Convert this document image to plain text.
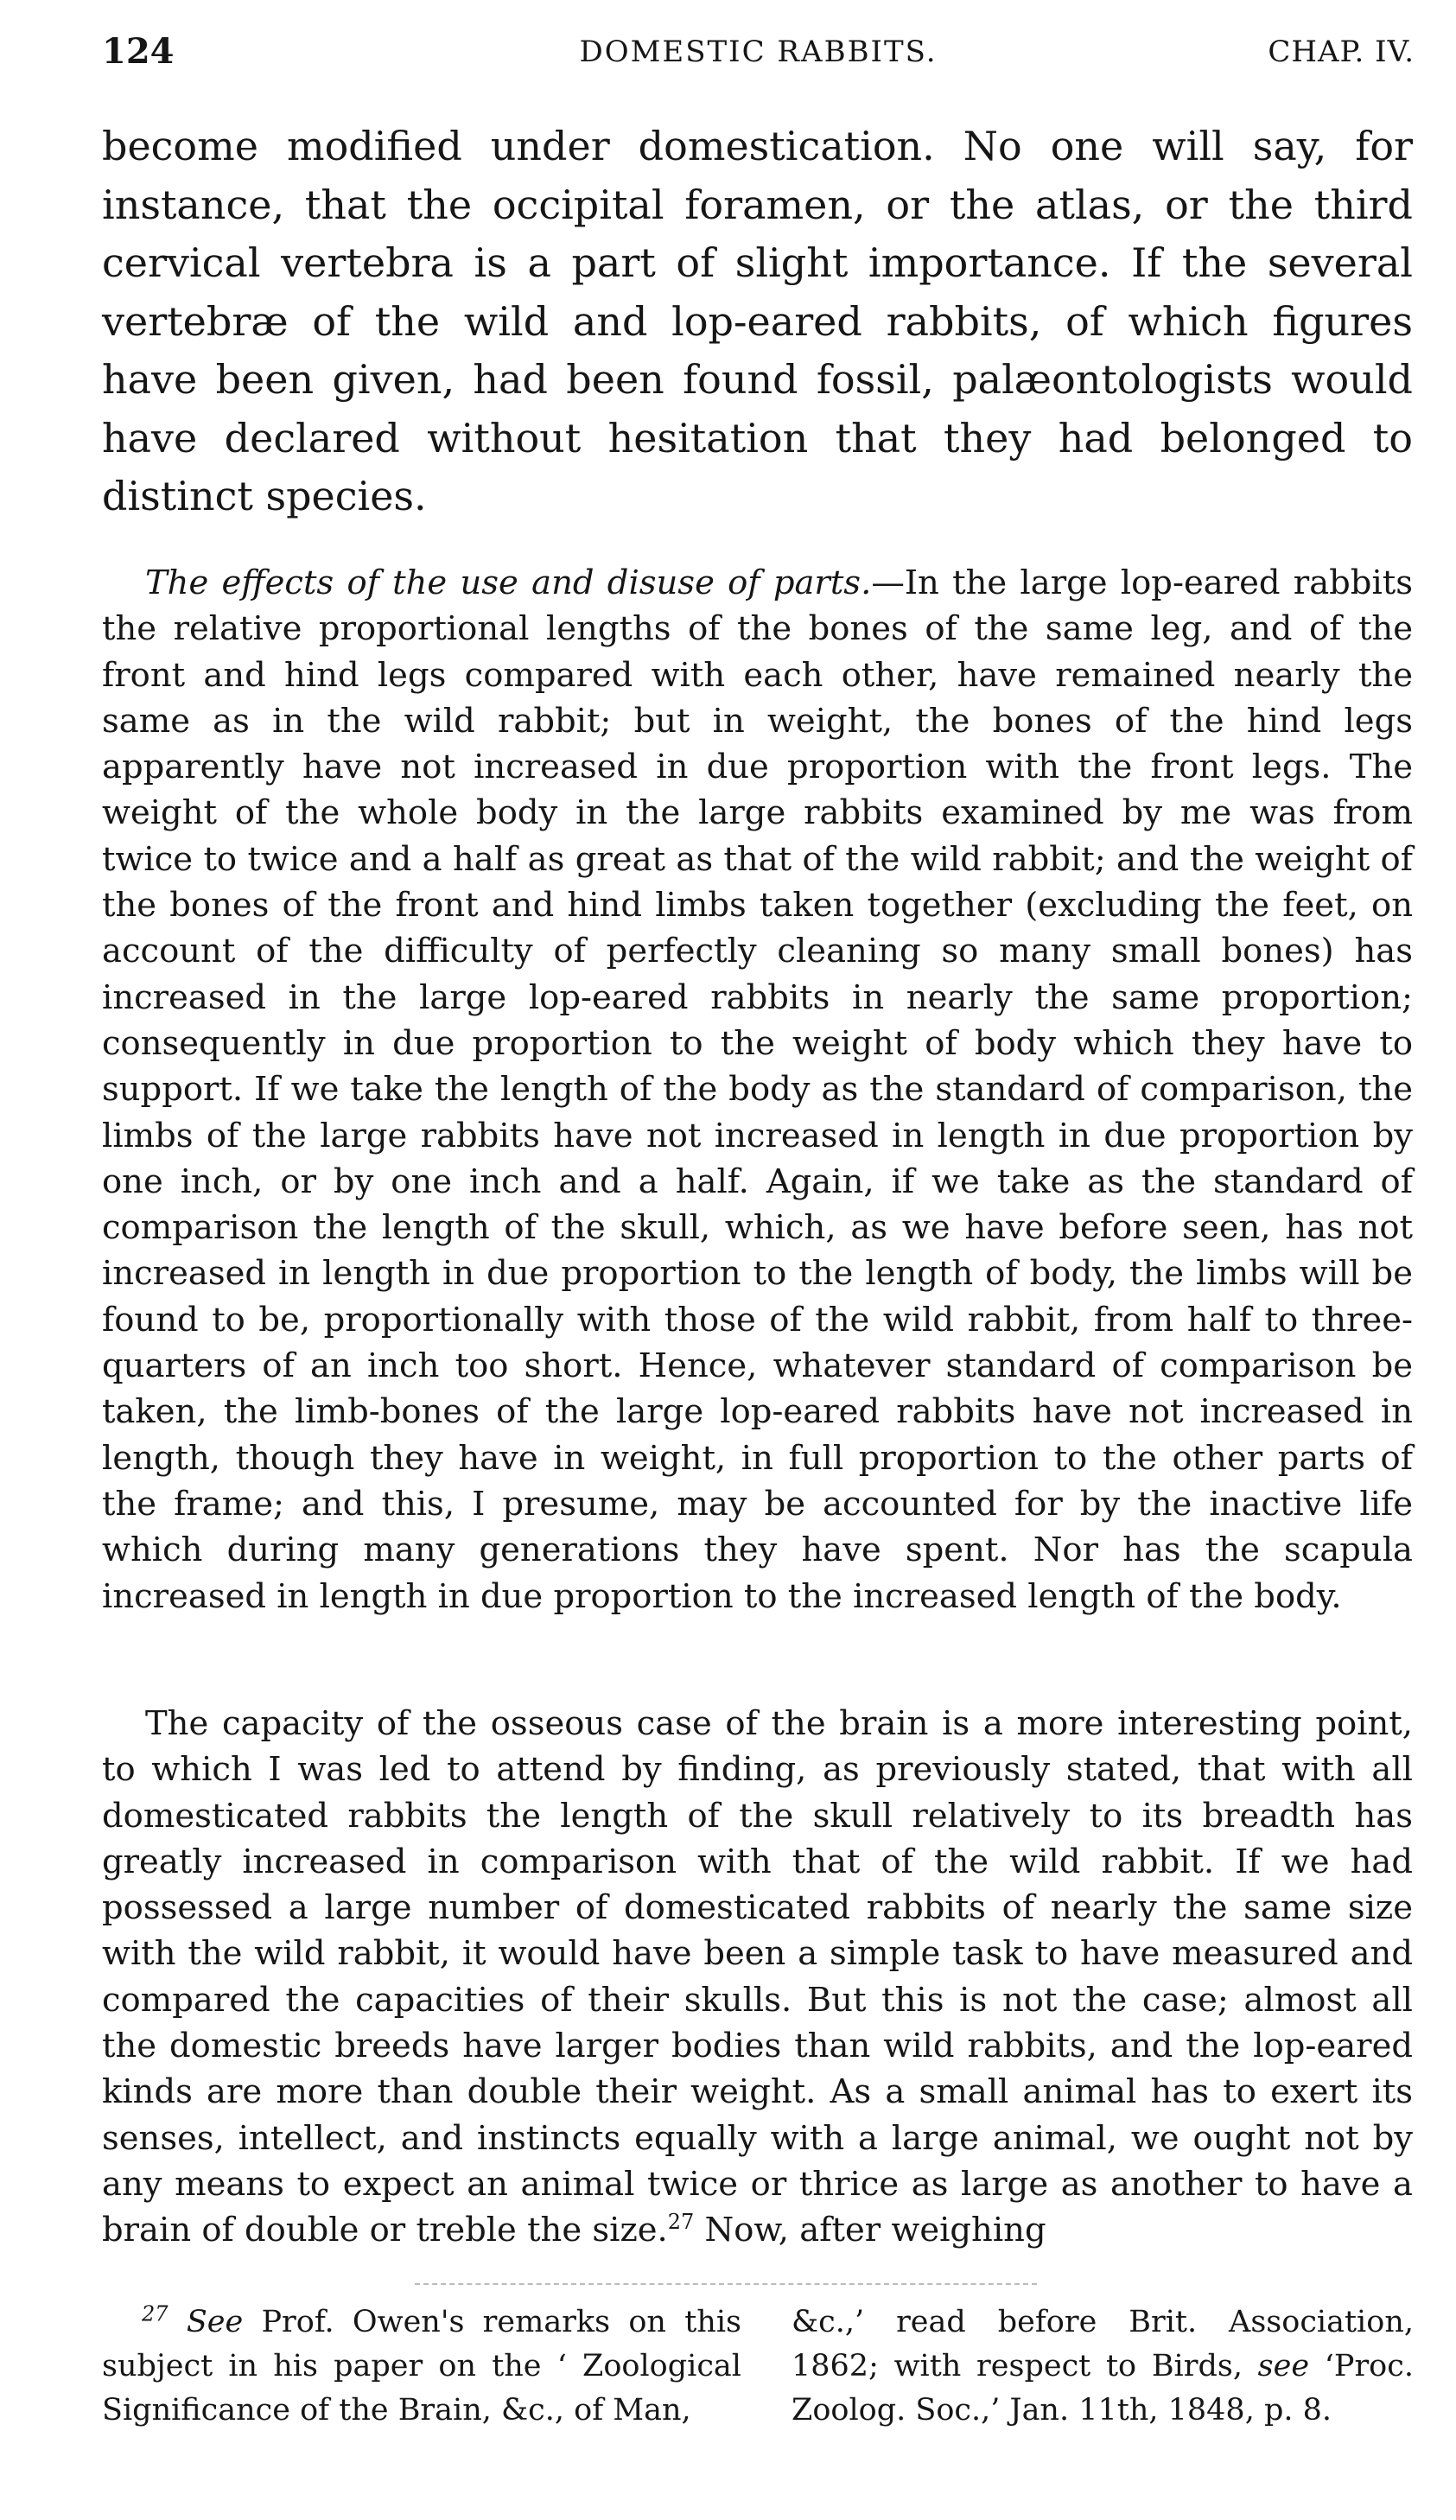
124	DOMESTIC RABBITS.	CHAP. IV.

become modified under domestication. No one will say, for instance, that the occipital foramen, or the atlas, or the third cervical vertebra is a part of slight importance. If the several vertebræ of the wild and lop-eared rabbits, of which figures have been given, had been found fossil, palæontologists would have declared without hesitation that they had belonged to distinct species.

The effects of the use and disuse of parts.—In the large lop-eared rabbits the relative proportional lengths of the bones of the same leg, and of the front and hind legs compared with each other, have remained nearly the same as in the wild rabbit; but in weight, the bones of the hind legs apparently have not increased in due proportion with the front legs. The weight of the whole body in the large rabbits examined by me was from twice to twice and a half as great as that of the wild rabbit; and the weight of the bones of the front and hind limbs taken together (excluding the feet, on account of the difficulty of perfectly cleaning so many small bones) has increased in the large lop-eared rabbits in nearly the same proportion; consequently in due proportion to the weight of body which they have to support. If we take the length of the body as the standard of comparison, the limbs of the large rabbits have not increased in length in due proportion by one inch, or by one inch and a half. Again, if we take as the standard of comparison the length of the skull, which, as we have before seen, has not increased in length in due proportion to the length of body, the limbs will be found to be, proportionally with those of the wild rabbit, from half to three-quarters of an inch too short. Hence, whatever standard of comparison be taken, the limb-bones of the large lop-eared rabbits have not increased in length, though they have in weight, in full proportion to the other parts of the frame; and this, I presume, may be accounted for by the inactive life which during many generations they have spent. Nor has the scapula increased in length in due proportion to the increased length of the body.

The capacity of the osseous case of the brain is a more interesting point, to which I was led to attend by finding, as previously stated, that with all domesticated rabbits the length of the skull relatively to its breadth has greatly increased in comparison with that of the wild rabbit. If we had possessed a large number of domesticated rabbits of nearly the same size with the wild rabbit, it would have been a simple task to have measured and compared the capacities of their skulls. But this is not the case; almost all the domestic breeds have larger bodies than wild rabbits, and the lop-eared kinds are more than double their weight. As a small animal has to exert its senses, intellect, and instincts equally with a large animal, we ought not by any means to expect an animal twice or thrice as large as another to have a brain of double or treble the size.$^{27}$ Now, after weighing

$^{27}$ See Prof. Owen's remarks on this subject in his paper on the ‘ Zoological Significance of the Brain, &c., of Man,

&c.,’ read before Brit. Association, 1862; with respect to Birds, see ‘Proc. Zoolog. Soc.,’ Jan. 11th, 1848, p. 8.
